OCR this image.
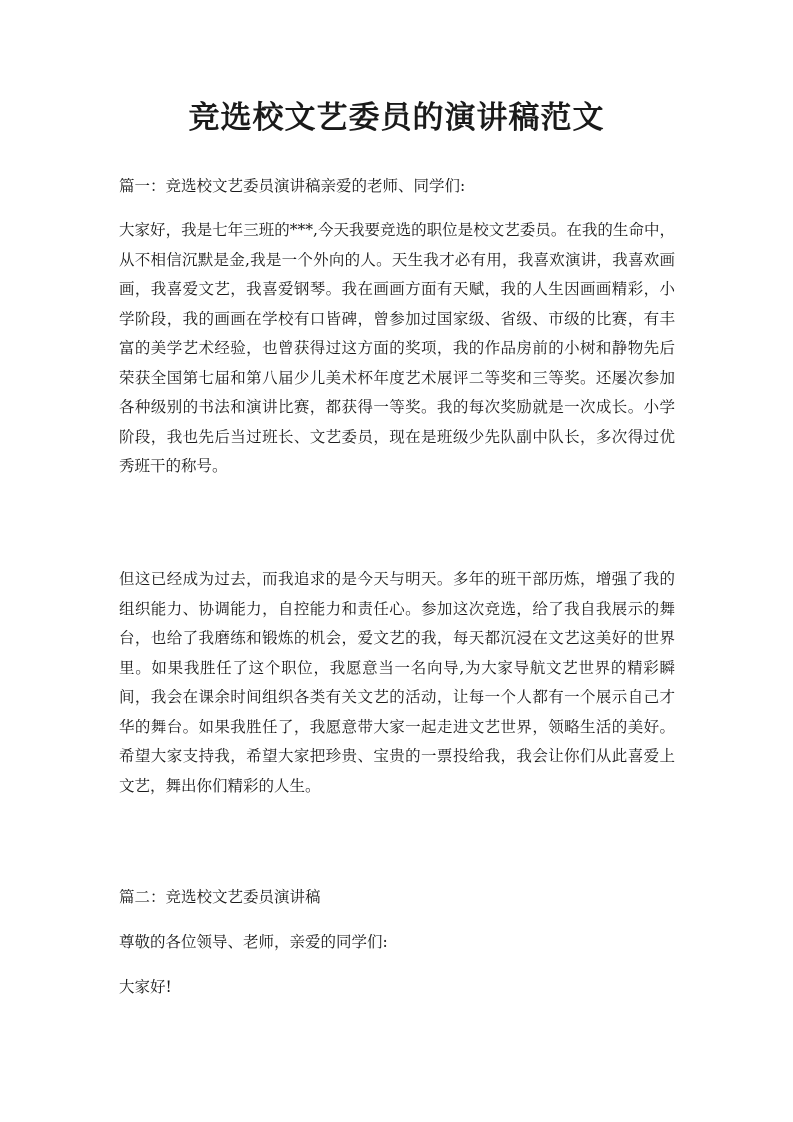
竞选校文艺委员的演讲稿范文

篇一：竞选校文艺委员演讲稿亲爱的老师、同学们:

大家好，我是七年三班的***,今天我要竞选的职位是校文艺委员。在我的生命中，从不相信沉默是金,我是一个外向的人。天生我才必有用，我喜欢演讲，我喜欢画画，我喜爱文艺，我喜爱钢琴。我在画画方面有天赋，我的人生因画画精彩，小学阶段，我的画画在学校有口皆碑，曾参加过国家级、省级、市级的比赛，有丰富的美学艺术经验，也曾获得过这方面的奖项，我的作品房前的小树和静物先后荣获全国第七届和第八届少儿美术杯年度艺术展评二等奖和三等奖。还屡次参加各种级别的书法和演讲比赛，都获得一等奖。我的每次奖励就是一次成长。小学阶段，我也先后当过班长、文艺委员，现在是班级少先队副中队长，多次得过优秀班干的称号。

但这已经成为过去，而我追求的是今天与明天。多年的班干部历炼，增强了我的组织能力、协调能力，自控能力和责任心。参加这次竞选，给了我自我展示的舞台，也给了我磨练和锻炼的机会，爱文艺的我，每天都沉浸在文艺这美好的世界里。如果我胜任了这个职位，我愿意当一名向导,为大家导航文艺世界的精彩瞬间，我会在课余时间组织各类有关文艺的活动，让每一个人都有一个展示自己才华的舞台。如果我胜任了，我愿意带大家一起走进文艺世界，领略生活的美好。希望大家支持我，希望大家把珍贵、宝贵的一票投给我，我会让你们从此喜爱上文艺，舞出你们精彩的人生。

篇二：竞选校文艺委员演讲稿

尊敬的各位领导、老师，亲爱的同学们:

大家好!
